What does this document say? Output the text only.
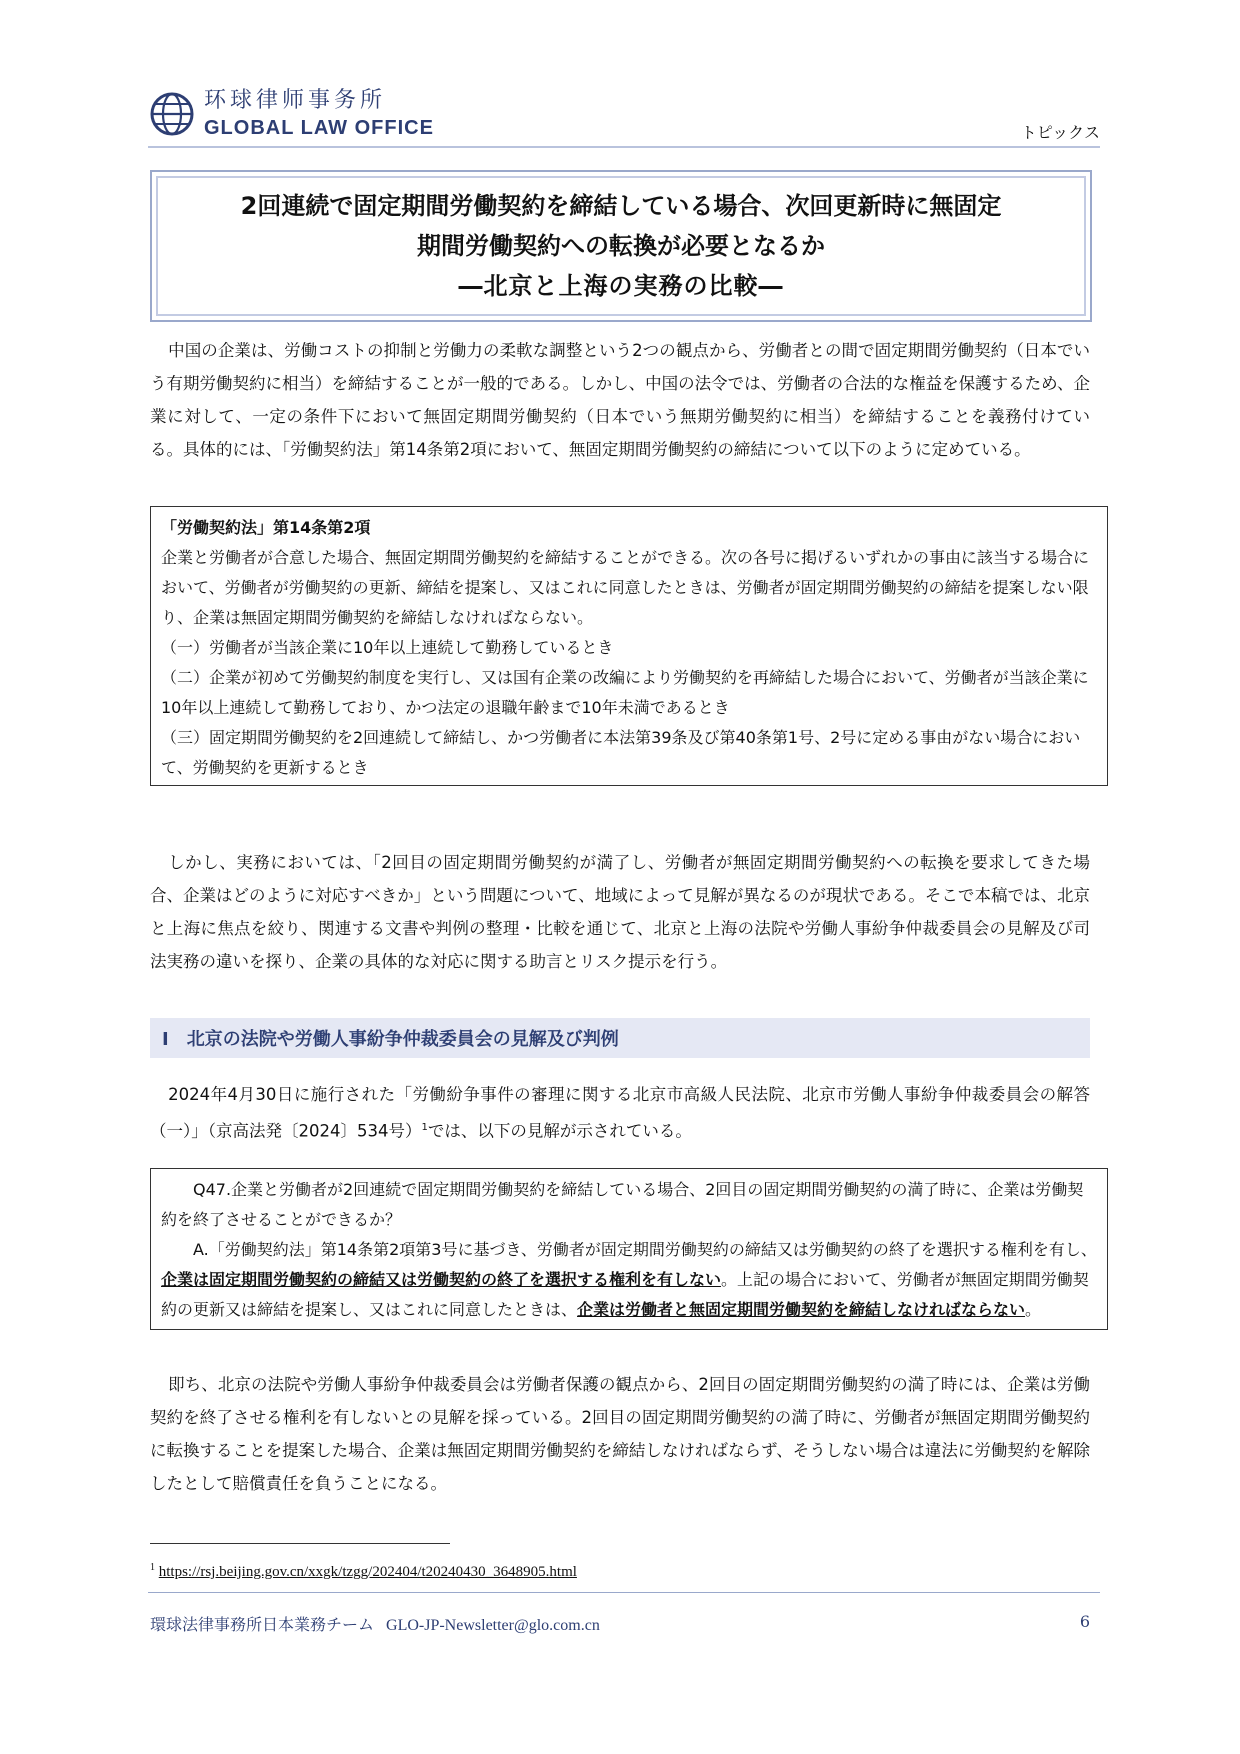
环球律师事务所
GLOBAL LAW OFFICE	トピックス
2回連続で固定期間労働契約を締結している場合、次回更新時に無固定
期間労働契約への転換が必要となるか
―北京と上海の実務の比較―
中国の企業は、労働コストの抑制と労働力の柔軟な調整という2つの観点から、労働者との間で固定期間労働契約（日本でいう有期労働契約に相当）を締結することが一般的である。しかし、中国の法令では、労働者の合法的な権益を保護するため、企業に対して、一定の条件下において無固定期間労働契約（日本でいう無期労働契約に相当）を締結することを義務付けている。具体的には、「労働契約法」第14条第2項において、無固定期間労働契約の締結について以下のように定めている。
「労働契約法」第14条第2項
企業と労働者が合意した場合、無固定期間労働契約を締結することができる。次の各号に掲げるいずれかの事由に該当する場合において、労働者が労働契約の更新、締結を提案し、又はこれに同意したときは、労働者が固定期間労働契約の締結を提案しない限り、企業は無固定期間労働契約を締結しなければならない。
（一）労働者が当該企業に10年以上連続して勤務しているとき
（二）企業が初めて労働契約制度を実行し、又は国有企業の改編により労働契約を再締結した場合において、労働者が当該企業に10年以上連続して勤務しており、かつ法定の退職年齢まで10年未満であるとき
（三）固定期間労働契約を2回連続して締結し、かつ労働者に本法第39条及び第40条第1号、2号に定める事由がない場合において、労働契約を更新するとき
しかし、実務においては、「2回目の固定期間労働契約が満了し、労働者が無固定期間労働契約への転換を要求してきた場合、企業はどのように対応すべきか」という問題について、地域によって見解が異なるのが現状である。そこで本稿では、北京と上海に焦点を絞り、関連する文書や判例の整理・比較を通じて、北京と上海の法院や労働人事紛争仲裁委員会の見解及び司法実務の違いを探り、企業の具体的な対応に関する助言とリスク提示を行う。
I　北京の法院や労働人事紛争仲裁委員会の見解及び判例
2024年4月30日に施行された「労働紛争事件の審理に関する北京市高級人民法院、北京市労働人事紛争仲裁委員会の解答（一）」（京高法発〔2024〕534号）$^1$では、以下の見解が示されている。
Q47.企業と労働者が2回連続で固定期間労働契約を締結している場合、2回目の固定期間労働契約の満了時に、企業は労働契約を終了させることができるか？
A.「労働契約法」第14条第2項第3号に基づき、労働者が固定期間労働契約の締結又は労働契約の終了を選択する権利を有し、企業は固定期間労働契約の締結又は労働契約の終了を選択する権利を有しない。上記の場合において、労働者が無固定期間労働契約の更新又は締結を提案し、又はこれに同意したときは、企業は労働者と無固定期間労働契約を締結しなければならない。
即ち、北京の法院や労働人事紛争仲裁委員会は労働者保護の観点から、2回目の固定期間労働契約の満了時には、企業は労働契約を終了させる権利を有しないとの見解を採っている。2回目の固定期間労働契約の満了時に、労働者が無固定期間労働契約に転換することを提案した場合、企業は無固定期間労働契約を締結しなければならず、そうしない場合は違法に労働契約を解除したとして賠償責任を負うことになる。
$^1$ https://rsj.beijing.gov.cn/xxgk/tzgg/202404/t20240430_3648905.html
環球法律事務所日本業務チーム GLO-JP-Newsletter@glo.com.cn	6
